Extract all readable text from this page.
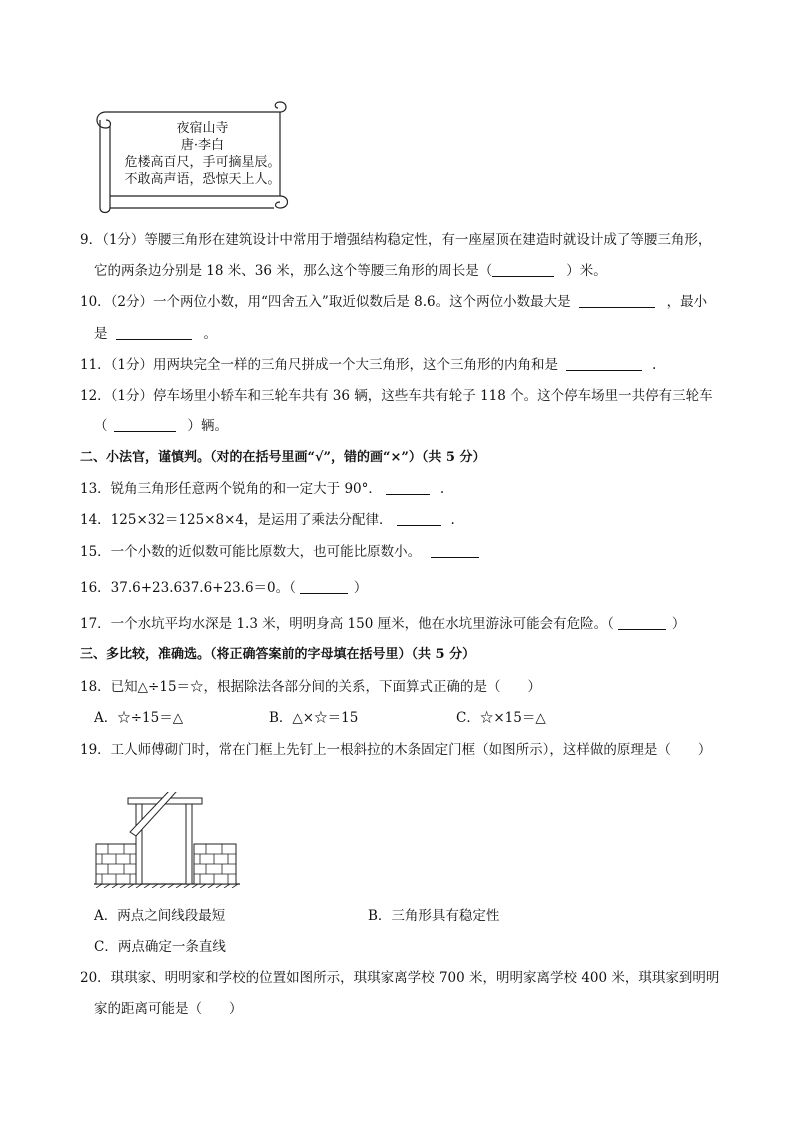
夜宿山寺
唐·李白
危楼高百尺，手可摘星辰。
不敢高声语，恐惊天上人。
9．（1分）等腰三角形在建筑设计中常用于增强结构稳定性，有一座屋顶在建造时就设计成了等腰三角形，
它的两条边分别是 18 米、36 米，那么这个等腰三角形的周长是（	）米。
10．（2分）一个两位小数，用“四舍五入”取近似数后是 8.6。这个两位小数最大是	，最小
是	。
11．（1分）用两块完全一样的三角尺拼成一个大三角形，这个三角形的内角和是	.
12．（1分）停车场里小轿车和三轮车共有 36 辆，这些车共有轮子 118 个。这个停车场里一共停有三轮车
（	）辆。
二、小法官，谨慎判。（对的在括号里画“√”，错的画“×”）（共 5 分）
13．锐角三角形任意两个锐角的和一定大于 90°．	.
14．125×32＝125×8×4，是运用了乘法分配律．	.
15．一个小数的近似数可能比原数大，也可能比原数小。
16．37.6+23.637.6+23.6＝0。（	）
17．一个水坑平均水深是 1.3 米，明明身高 150 厘米，他在水坑里游泳可能会有危险。（	）
三、多比较，准确选。（将正确答案前的字母填在括号里）（共 5 分）
18．已知△÷15＝☆，根据除法各部分间的关系，下面算式正确的是（　　）
A．☆÷15＝△	B．△×☆＝15	C．☆×15＝△
19．工人师傅砌门时，常在门框上先钉上一根斜拉的木条固定门框（如图所示），这样做的原理是（　　）
A．两点之间线段最短	B．三角形具有稳定性
C．两点确定一条直线
20．琪琪家、明明家和学校的位置如图所示，琪琪家离学校 700 米，明明家离学校 400 米，琪琪家到明明
家的距离可能是（　　）
